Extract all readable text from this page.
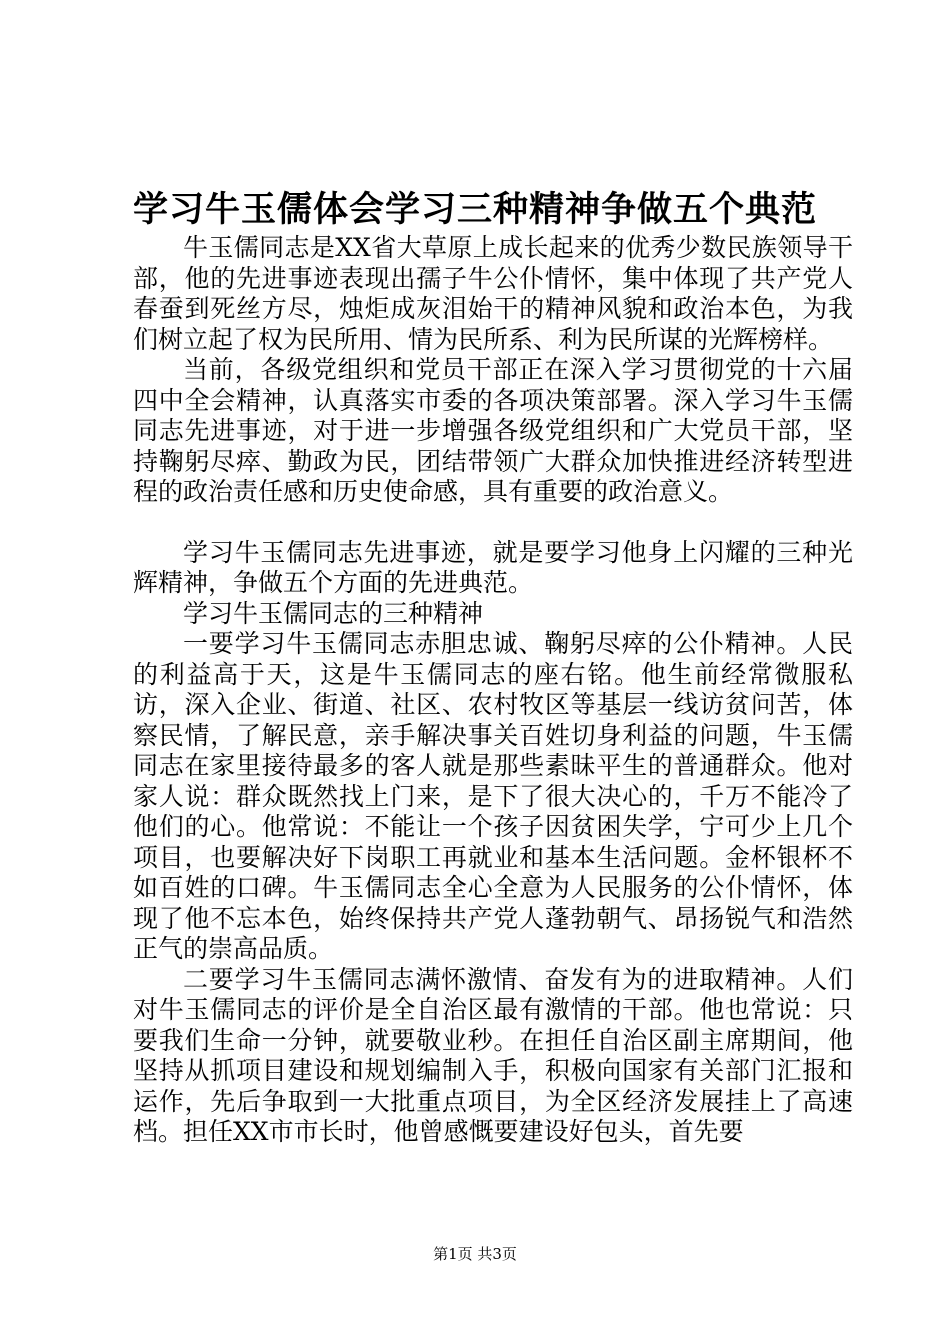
学习牛玉儒体会学习三种精神争做五个典范

牛玉儒同志是XX省大草原上成长起来的优秀少数民族领导干部，他的先进事迹表现出孺子牛公仆情怀，集中体现了共产党人春蚕到死丝方尽，烛炬成灰泪始干的精神风貌和政治本色，为我们树立起了权为民所用、情为民所系、利为民所谋的光辉榜样。

当前，各级党组织和党员干部正在深入学习贯彻党的十六届四中全会精神，认真落实市委的各项决策部署。深入学习牛玉儒同志先进事迹，对于进一步增强各级党组织和广大党员干部，坚持鞠躬尽瘁、勤政为民，团结带领广大群众加快推进经济转型进程的政治责任感和历史使命感，具有重要的政治意义。

学习牛玉儒同志先进事迹，就是要学习他身上闪耀的三种光辉精神，争做五个方面的先进典范。

学习牛玉儒同志的三种精神

一要学习牛玉儒同志赤胆忠诚、鞠躬尽瘁的公仆精神。人民的利益高于天，这是牛玉儒同志的座右铭。他生前经常微服私访，深入企业、街道、社区、农村牧区等基层一线访贫问苦，体察民情，了解民意，亲手解决事关百姓切身利益的问题，牛玉儒同志在家里接待最多的客人就是那些素昧平生的普通群众。他对家人说：群众既然找上门来，是下了很大决心的，千万不能冷了他们的心。他常说：不能让一个孩子因贫困失学，宁可少上几个项目，也要解决好下岗职工再就业和基本生活问题。金杯银杯不如百姓的口碑。牛玉儒同志全心全意为人民服务的公仆情怀，体现了他不忘本色，始终保持共产党人蓬勃朝气、昂扬锐气和浩然正气的崇高品质。

二要学习牛玉儒同志满怀激情、奋发有为的进取精神。人们对牛玉儒同志的评价是全自治区最有激情的干部。他也常说：只要我们生命一分钟，就要敬业秒。在担任自治区副主席期间，他坚持从抓项目建设和规划编制入手，积极向国家有关部门汇报和运作，先后争取到一大批重点项目，为全区经济发展挂上了高速档。担任XX市市长时，他曾感慨要建设好包头，首先要

第1页 共3页
